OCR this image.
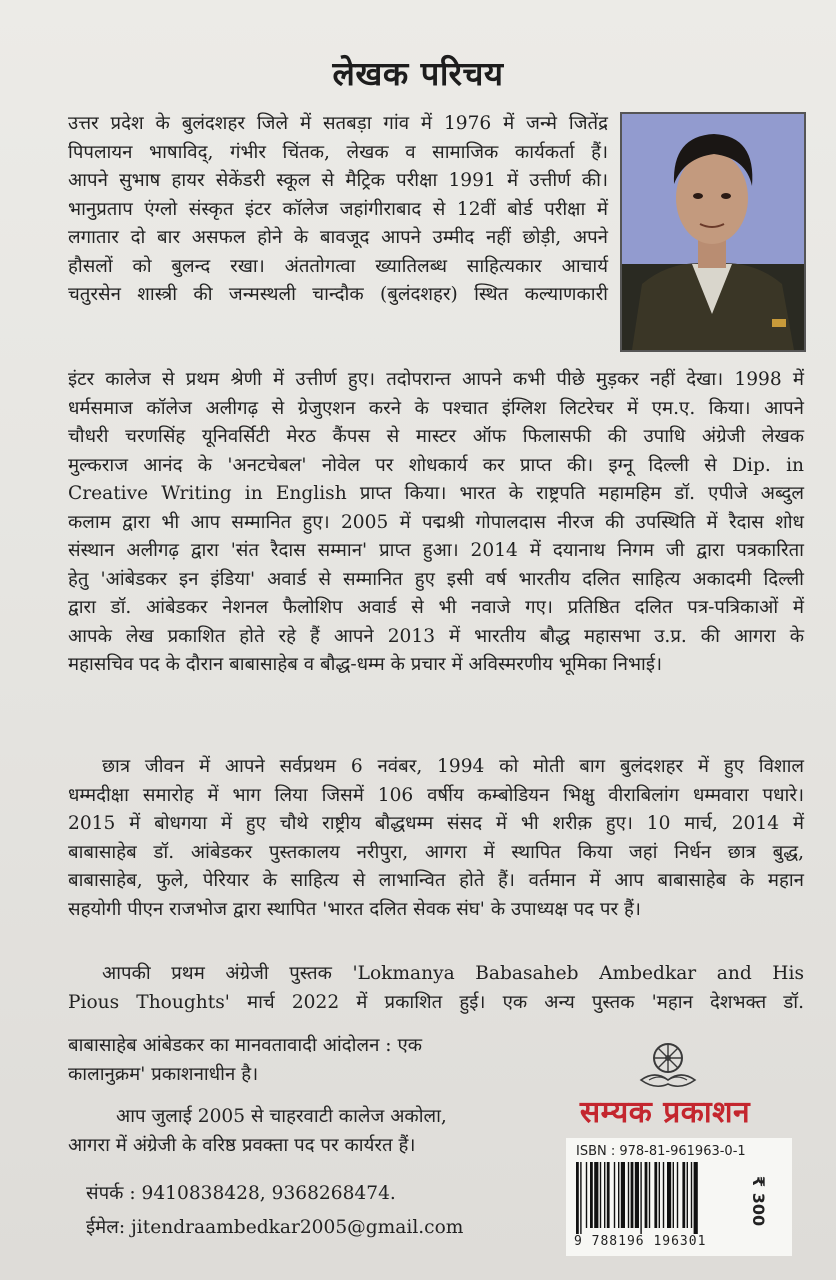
लेखक परिचय
उत्तर प्रदेश के बुलंदशहर जिले में सतबड़ा गांव में 1976 में जन्मे जितेंद्र
पिपलायन भाषाविद्, गंभीर चिंतक, लेखक व सामाजिक कार्यकर्ता हैं।
आपने सुभाष हायर सेकेंडरी स्कूल से मैट्रिक परीक्षा 1991 में उत्तीर्ण की।
भानुप्रताप एंग्लो संस्कृत इंटर कॉलेज जहांगीराबाद से 12वीं बोर्ड परीक्षा में
लगातार दो बार असफल होने के बावजूद आपने उम्मीद नहीं छोड़ी, अपने
हौसलों को बुलन्द रखा। अंततोगत्वा ख्यातिलब्ध साहित्यकार आचार्य
चतुरसेन शास्त्री की जन्मस्थली चान्दौक (बुलंदशहर) स्थित कल्याणकारी
इंटर कालेज से प्रथम श्रेणी में उत्तीर्ण हुए। तदोपरान्त आपने कभी पीछे मुड़कर नहीं देखा। 1998 में
धर्मसमाज कॉलेज अलीगढ़ से ग्रेजुएशन करने के पश्चात इंग्लिश लिटरेचर में एम.ए. किया। आपने
चौधरी चरणसिंह यूनिवर्सिटी मेरठ कैंपस से मास्टर ऑफ फिलासफी की उपाधि अंग्रेजी लेखक
मुल्कराज आनंद के 'अनटचेबल' नोवेल पर शोधकार्य कर प्राप्त की। इग्नू दिल्ली से Dip. in
Creative Writing in English प्राप्त किया। भारत के राष्ट्रपति महामहिम डॉ. एपीजे अब्दुल
कलाम द्वारा भी आप सम्मानित हुए। 2005 में पद्मश्री गोपालदास नीरज की उपस्थिति में रैदास शोध
संस्थान अलीगढ़ द्वारा 'संत रैदास सम्मान' प्राप्त हुआ। 2014 में दयानाथ निगम जी द्वारा पत्रकारिता
हेतु 'आंबेडकर इन इंडिया' अवार्ड से सम्मानित हुए इसी वर्ष भारतीय दलित साहित्य अकादमी दिल्ली
द्वारा डॉ. आंबेडकर नेशनल फैलोशिप अवार्ड से भी नवाजे गए। प्रतिष्ठित दलित पत्र-पत्रिकाओं में
आपके लेख प्रकाशित होते रहे हैं आपने 2013 में भारतीय बौद्ध महासभा उ.प्र. की आगरा के
महासचिव पद के दौरान बाबासाहेब व बौद्ध-धम्म के प्रचार में अविस्मरणीय भूमिका निभाई।
छात्र जीवन में आपने सर्वप्रथम 6 नवंबर, 1994 को मोती बाग बुलंदशहर में हुए विशाल
धम्मदीक्षा समारोह में भाग लिया जिसमें 106 वर्षीय कम्बोडियन भिक्षु वीराबिलांग धम्मवारा पधारे।
2015 में बोधगया में हुए चौथे राष्ट्रीय बौद्धधम्म संसद में भी शरीक़ हुए। 10 मार्च, 2014 में
बाबासाहेब डॉ. आंबेडकर पुस्तकालय नरीपुरा, आगरा में स्थापित किया जहां निर्धन छात्र बुद्ध,
बाबासाहेब, फुले, पेरियार के साहित्य से लाभान्वित होते हैं। वर्तमान में आप बाबासाहेब के महान
सहयोगी पीएन राजभोज द्वारा स्थापित 'भारत दलित सेवक संघ' के उपाध्यक्ष पद पर हैं।
आपकी प्रथम अंग्रेजी पुस्तक 'Lokmanya Babasaheb Ambedkar and His
Pious Thoughts' मार्च 2022 में प्रकाशित हुई। एक अन्य पुस्तक 'महान देशभक्त डॉ.
बाबासाहेब आंबेडकर का मानवतावादी आंदोलन : एक
कालानुक्रम' प्रकाशनाधीन है।
आप जुलाई 2005 से चाहरवाटी कालेज अकोला,
आगरा में अंग्रेजी के वरिष्ठ प्रवक्ता पद पर कार्यरत हैं।
संपर्क : 9410838428, 9368268474.
ईमेल: jitendraambedkar2005@gmail.com
सम्यक प्रकाशन
ISBN : 978-81-961963-0-1
9 788196 196301
₹ 300
